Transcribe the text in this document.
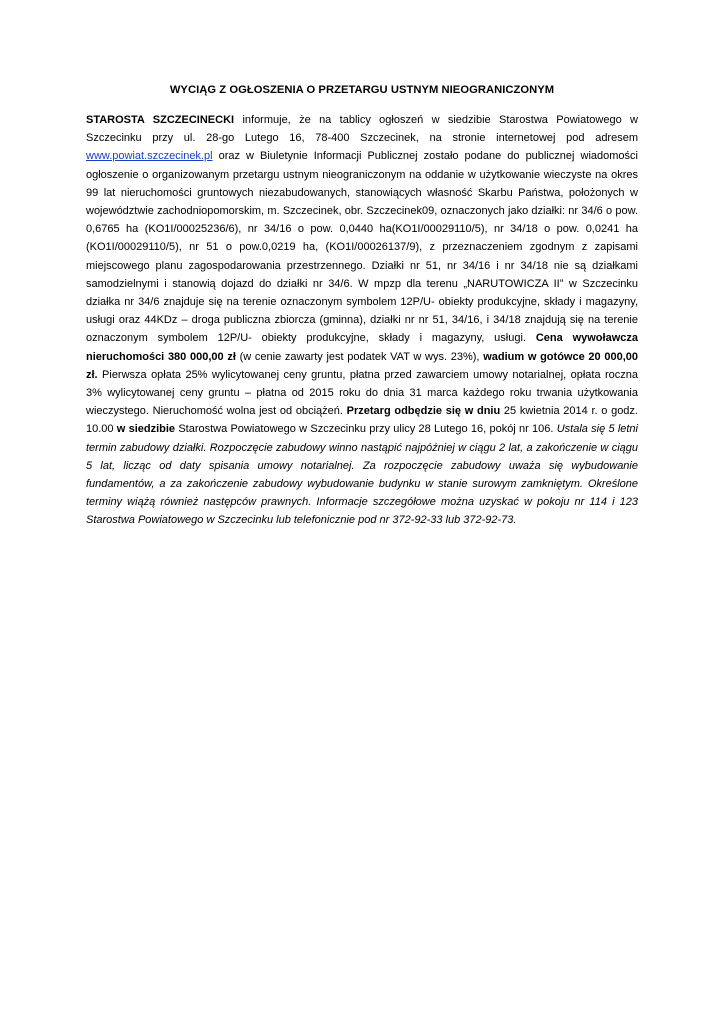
WYCIĄG Z OGŁOSZENIA O PRZETARGU USTNYM NIEOGRANICZONYM

STAROSTA SZCZECINECKI informuje, że na tablicy ogłoszeń w siedzibie Starostwa Powiatowego w Szczecinku przy ul. 28-go Lutego 16, 78-400 Szczecinek, na stronie internetowej pod adresem www.powiat.szczecinek.pl oraz w Biuletynie Informacji Publicznej zostało podane do publicznej wiadomości ogłoszenie o organizowanym przetargu ustnym nieograniczonym na oddanie w użytkowanie wieczyste na okres 99 lat nieruchomości gruntowych niezabudowanych, stanowiących własność Skarbu Państwa, położonych w województwie zachodniopomorskim, m. Szczecinek, obr. Szczecinek09, oznaczonych jako działki: nr 34/6 o pow. 0,6765 ha (KO1I/00025236/6), nr 34/16 o pow. 0,0440 ha(KO1I/00029110/5), nr 34/18 o pow. 0,0241 ha (KO1I/00029110/5), nr 51 o pow.0,0219 ha, (KO1I/00026137/9), z przeznaczeniem zgodnym z zapisami miejscowego planu zagospodarowania przestrzennego. Działki nr 51, nr 34/16 i nr 34/18 nie są działkami samodzielnymi i stanowią dojazd do działki nr 34/6. W mpzp dla terenu „NARUTOWICZA II” w Szczecinku działka nr 34/6 znajduje się na terenie oznaczonym symbolem 12P/U- obiekty produkcyjne, składy i magazyny, usługi oraz 44KDz – droga publiczna zbiorcza (gminna), działki nr nr 51, 34/16, i 34/18 znajdują się na terenie oznaczonym symbolem 12P/U- obiekty produkcyjne, składy i magazyny, usługi. Cena wywoławcza nieruchomości 380 000,00 zł (w cenie zawarty jest podatek VAT w wys. 23%), wadium w gotówce 20 000,00 zł. Pierwsza opłata 25% wylicytowanej ceny gruntu, płatna przed zawarciem umowy notarialnej, opłata roczna 3% wylicytowanej ceny gruntu – płatna od 2015 roku do dnia 31 marca każdego roku trwania użytkowania wieczystego. Nieruchomość wolna jest od obciążeń. Przetarg odbędzie się w dniu 25 kwietnia 2014 r. o godz. 10.00 w siedzibie Starostwa Powiatowego w Szczecinku przy ulicy 28 Lutego 16, pokój nr 106. Ustala się 5 letni termin zabudowy działki. Rozpoczęcie zabudowy winno nastąpić najpóźniej w ciągu 2 lat, a zakończenie w ciągu 5 lat, licząc od daty spisania umowy notarialnej. Za rozpoczęcie zabudowy uważa się wybudowanie fundamentów, a za zakończenie zabudowy wybudowanie budynku w stanie surowym zamkniętym. Określone terminy wiążą również następców prawnych. Informacje szczegółowe można uzyskać w pokoju nr 114 i 123 Starostwa Powiatowego w Szczecinku lub telefonicznie pod nr 372-92-33 lub 372-92-73.
